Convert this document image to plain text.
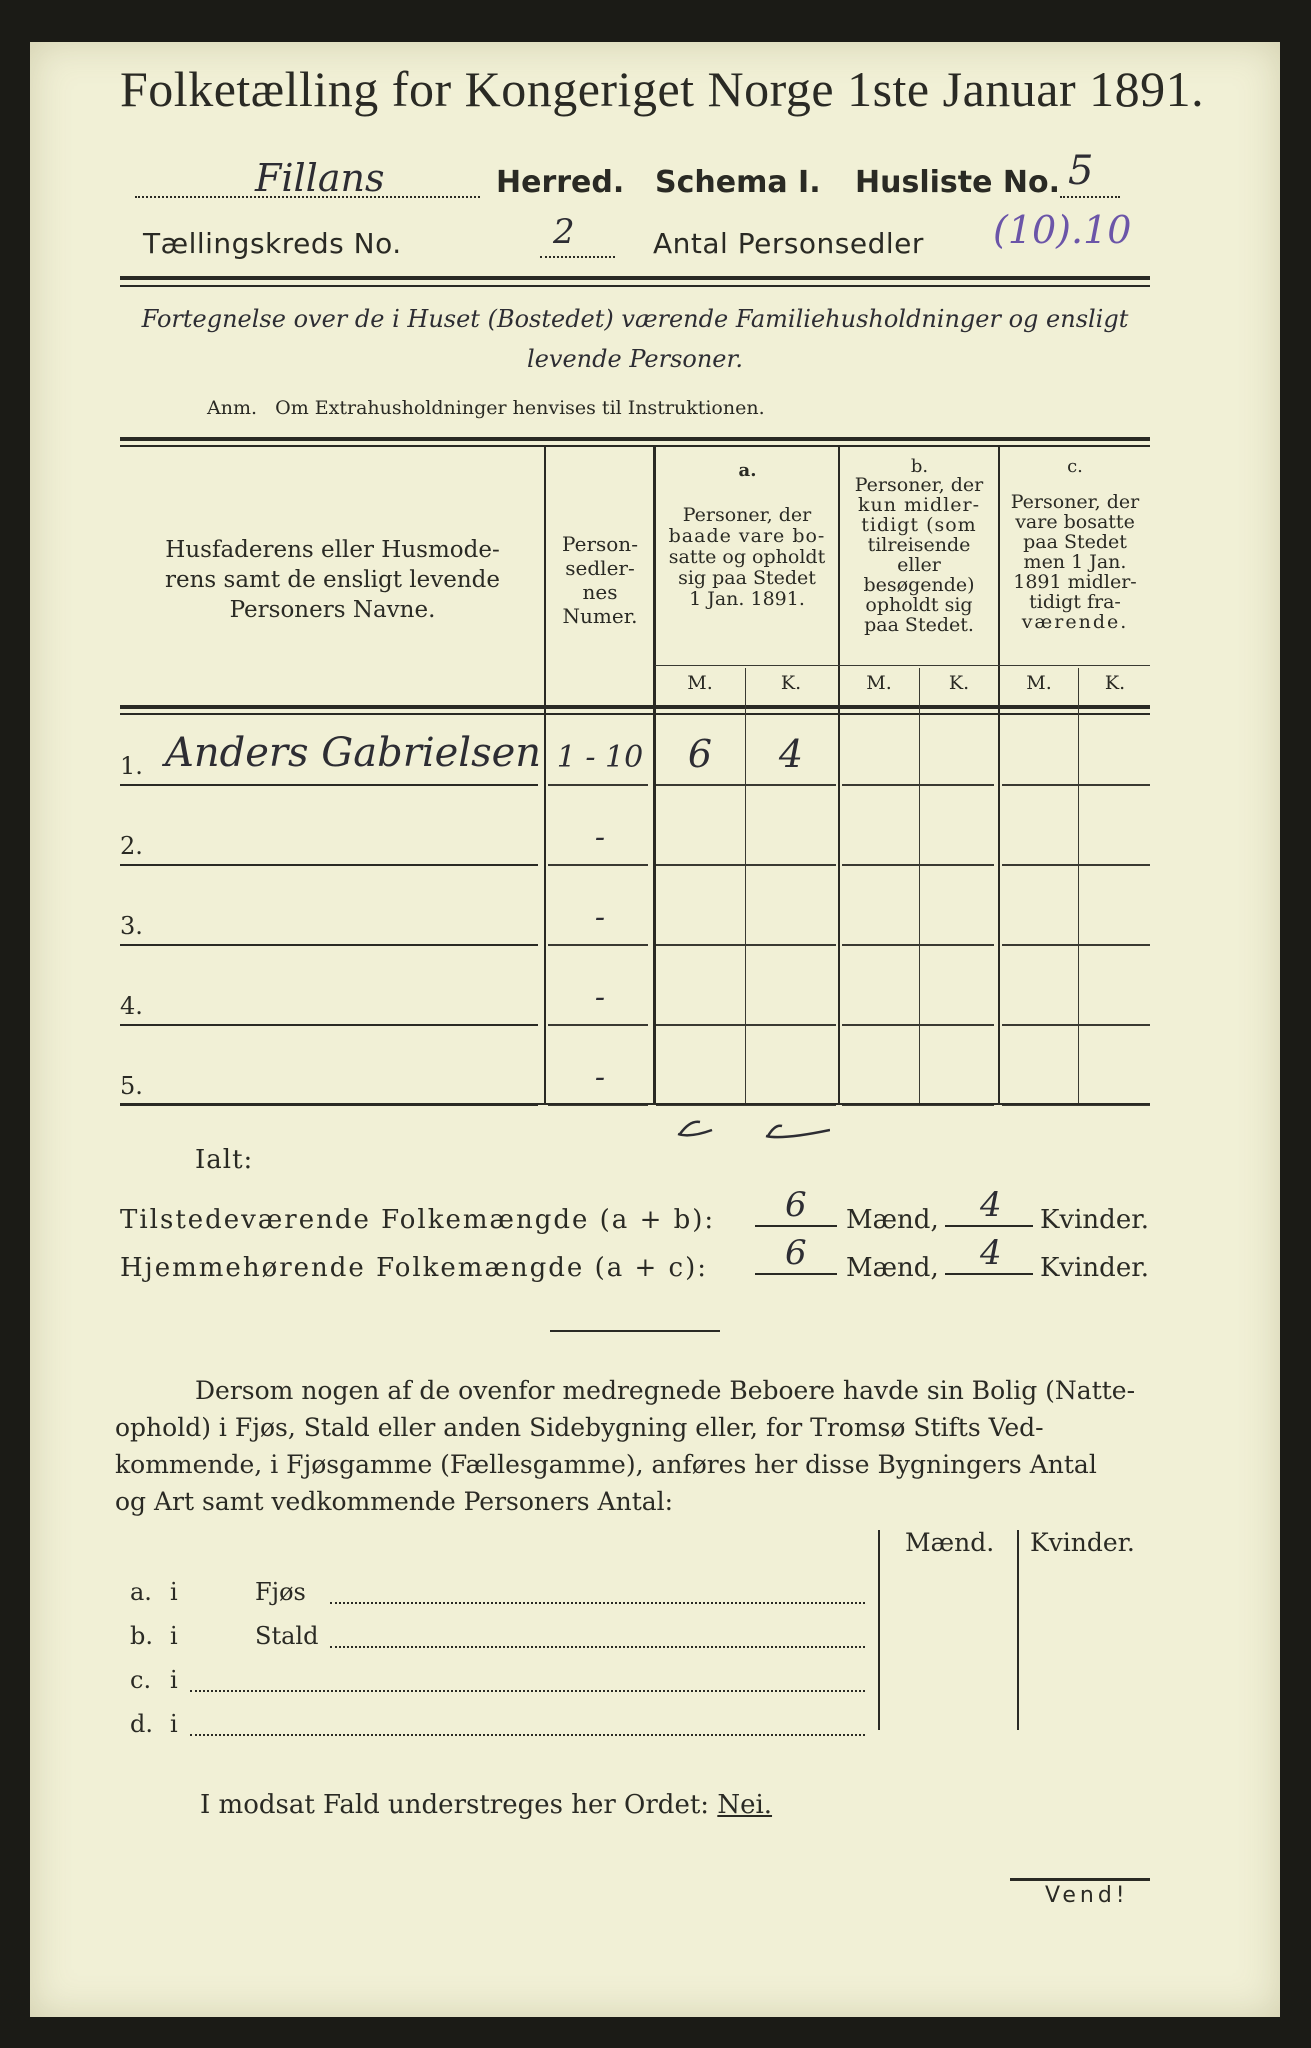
Folketælling for Kongeriget Norge 1ste Januar 1891.
Fillans	Herred. Schema I. Husliste No. 5
Tællingskreds No.	2	Antal Personsedler (10).10
Fortegnelse over de i Huset (Bostedet) værende Familiehusholdninger og ensligt
levende Personer.
Anm.   Om Extrahusholdninger henvises til Instruktionen.
Husfaderens eller Husmode-
rens samt de ensligt levende
Personers Navne.
Person-
sedler-
nes
Numer.
a.
Personer, der
baade vare bo-
satte og opholdt
sig paa Stedet
1 Jan. 1891.
b.
Personer, der
kun midler-
tidigt (som
tilreisende
eller
besøgende)
opholdt sig
paa Stedet.
c.
Personer, der
vare bosatte
paa Stedet
men 1 Jan.
1891 midler-
tidigt fra-
værende.
M.	K.	M.	K.	M.	K.
1. Anders Gabrielsen 1 - 10	6	4
2.	-
3.	-
4.	-
5.	-
Ialt:
Tilstedeværende Folkemængde (a + b): 6 Mænd, 4 Kvinder.
Hjemmehørende Folkemængde (a + c): 6 Mænd, 4 Kvinder.
Dersom nogen af de ovenfor medregnede Beboere havde sin Bolig (Natte-
ophold) i Fjøs, Stald eller anden Sidebygning eller, for Tromsø Stifts Ved-
kommende, i Fjøsgamme (Fællesgamme), anføres her disse Bygningers Antal
og Art samt vedkommende Personers Antal:
Mænd. Kvinder.
a. i	Fjøs
b. i	Stald
c. i
d. i
I modsat Fald understreges her Ordet: Nei.
Vend!
